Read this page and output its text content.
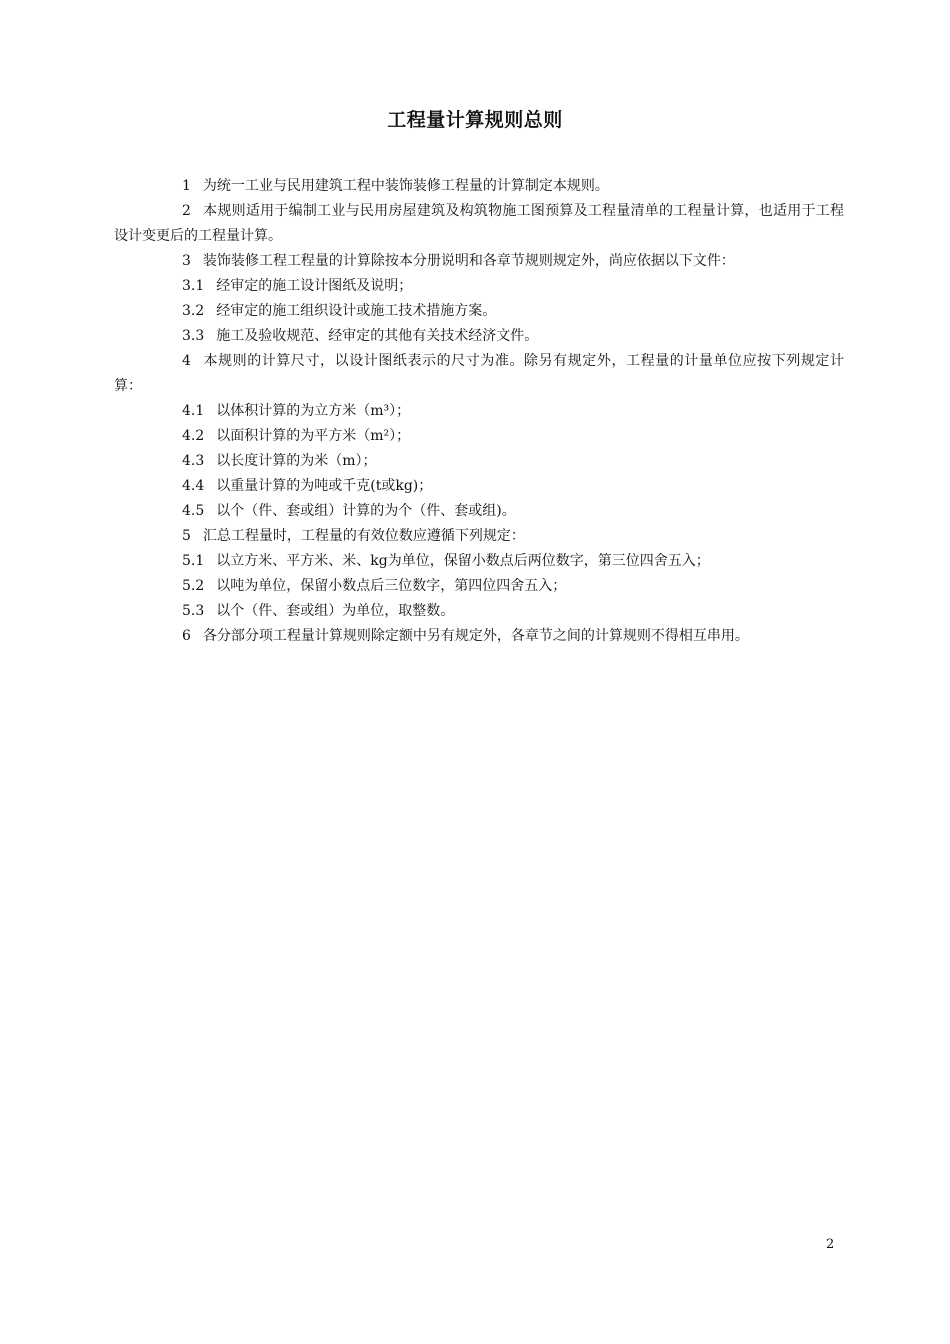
工程量计算规则总则

1 为统一工业与民用建筑工程中装饰装修工程量的计算制定本规则。

2 本规则适用于编制工业与民用房屋建筑及构筑物施工图预算及工程量清单的工程量计算，也适用于工程设计变更后的工程量计算。

3 装饰装修工程工程量的计算除按本分册说明和各章节规则规定外，尚应依据以下文件：

3.1 经审定的施工设计图纸及说明；

3.2 经审定的施工组织设计或施工技术措施方案。

3.3 施工及验收规范、经审定的其他有关技术经济文件。

4 本规则的计算尺寸，以设计图纸表示的尺寸为准。除另有规定外，工程量的计量单位应按下列规定计算：

4.1 以体积计算的为立方米（m³）；

4.2 以面积计算的为平方米（m²）；

4.3 以长度计算的为米（m）；

4.4 以重量计算的为吨或千克(t或kg)；

4.5 以个（件、套或组）计算的为个（件、套或组)。

5 汇总工程量时，工程量的有效位数应遵循下列规定：

5.1 以立方米、平方米、米、kg为单位，保留小数点后两位数字，第三位四舍五入；

5.2 以吨为单位，保留小数点后三位数字，第四位四舍五入；

5.3 以个（件、套或组）为单位，取整数。

6 各分部分项工程量计算规则除定额中另有规定外，各章节之间的计算规则不得相互串用。

2
